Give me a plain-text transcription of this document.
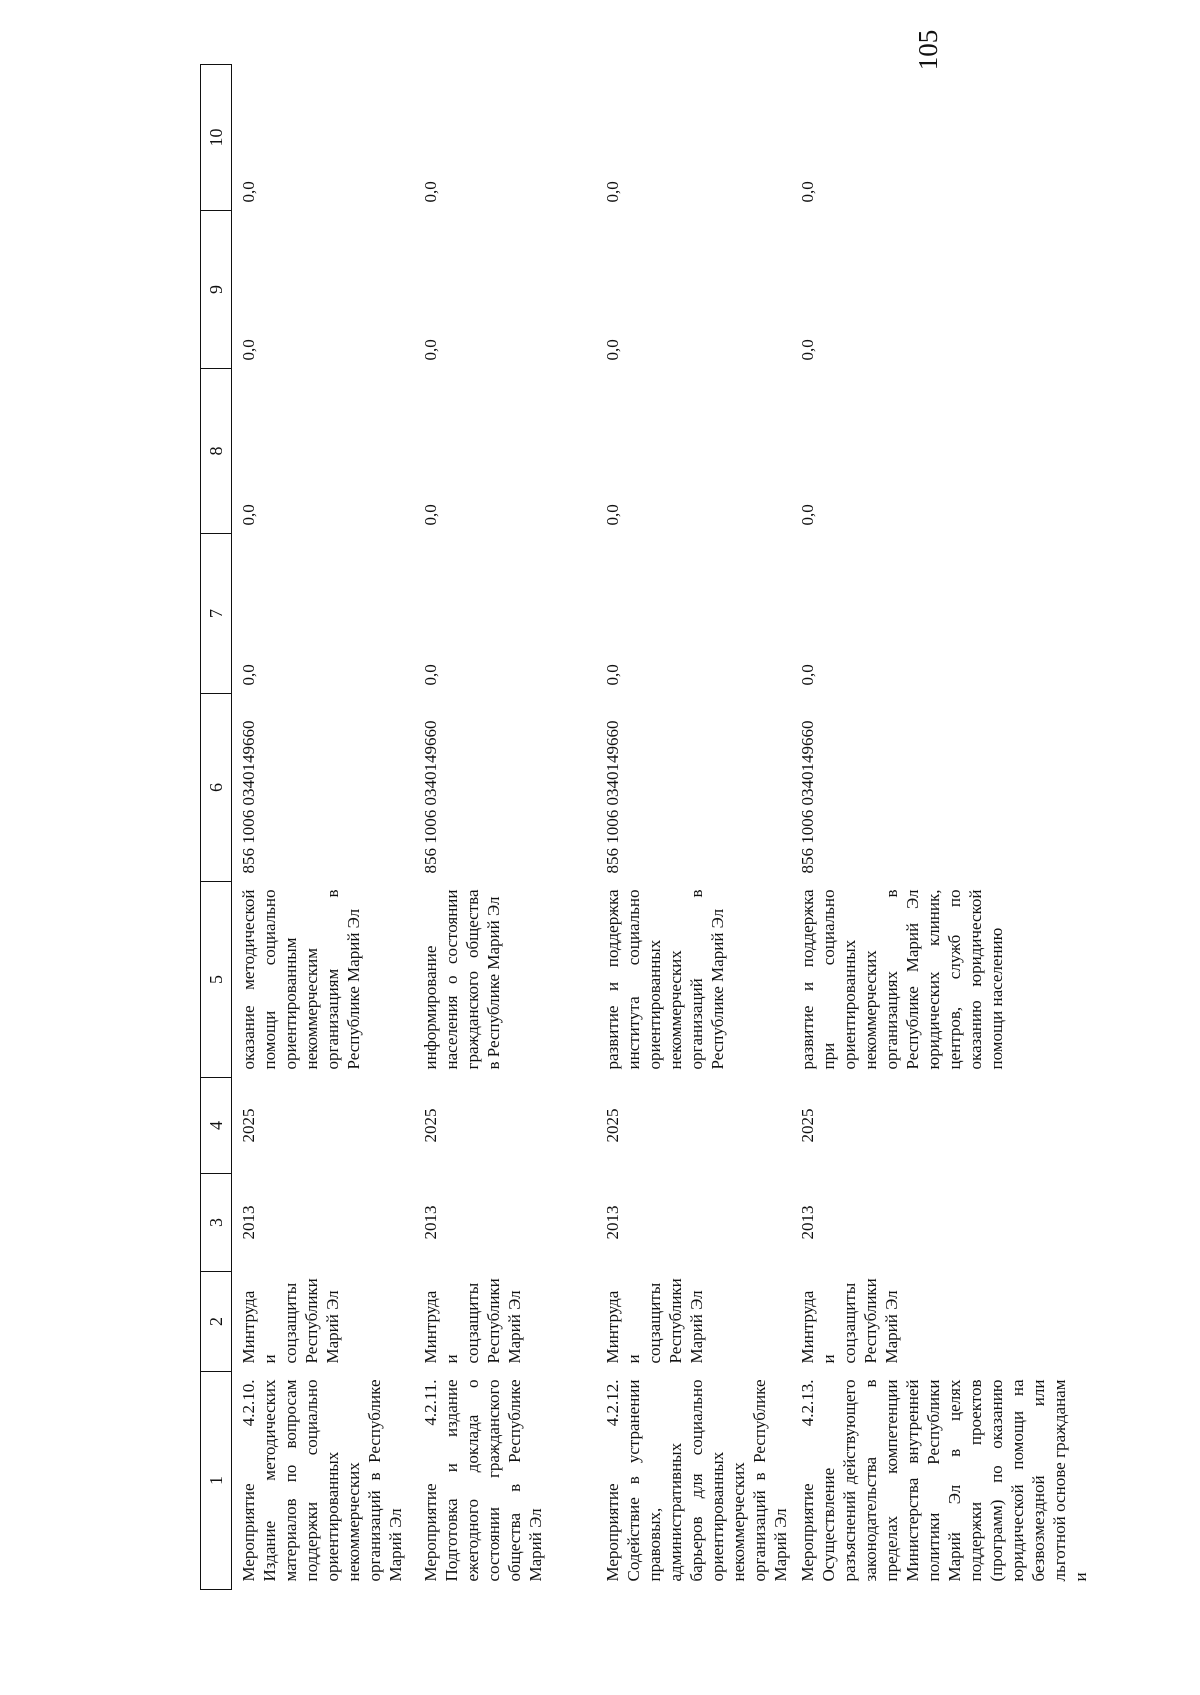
105
1	2	3	4	5	6	7	8	9	10
Мероприятие 4.2.10. Издание методических материалов по вопросам поддержки социально ориентированных некоммерческих организаций в Республике Марий Эл	Минтруда и соцзащиты Республики Марий Эл	2013	2025	оказание методической помощи социально ориентированным некоммерческим организациям в Республике Марий Эл	856 1006 0340149660	0,0	0,0	0,0	0,0
Мероприятие 4.2.11. Подготовка и издание ежегодного доклада о состоянии гражданского общества в Республике Марий Эл	Минтруда и соцзащиты Республики Марий Эл	2013	2025	информирование населения о состоянии гражданского общества в Республике Марий Эл	856 1006 0340149660	0,0	0,0	0,0	0,0
Мероприятие 4.2.12. Содействие в устранении правовых, административных барьеров для социально ориентированных некоммерческих организаций в Республике Марий Эл	Минтруда и соцзащиты Республики Марий Эл	2013	2025	развитие и поддержка института социально ориентированных некоммерческих организаций в Республике Марий Эл	856 1006 0340149660	0,0	0,0	0,0	0,0
Мероприятие 4.2.13. Осуществление разъяснений действующего законодательства в пределах компетенции Министерства внутренней политики Республики Марий Эл в целях поддержки проектов (программ) по оказанию юридической помощи на безвозмездной или льготной основе гражданам и	Минтруда и соцзащиты Республики Марий Эл	2013	2025	развитие и поддержка при социально ориентированных некоммерческих организациях в Республике Марий Эл юридических клиник, центров, служб по оказанию юридической помощи населению	856 1006 0340149660	0,0	0,0	0,0	0,0
